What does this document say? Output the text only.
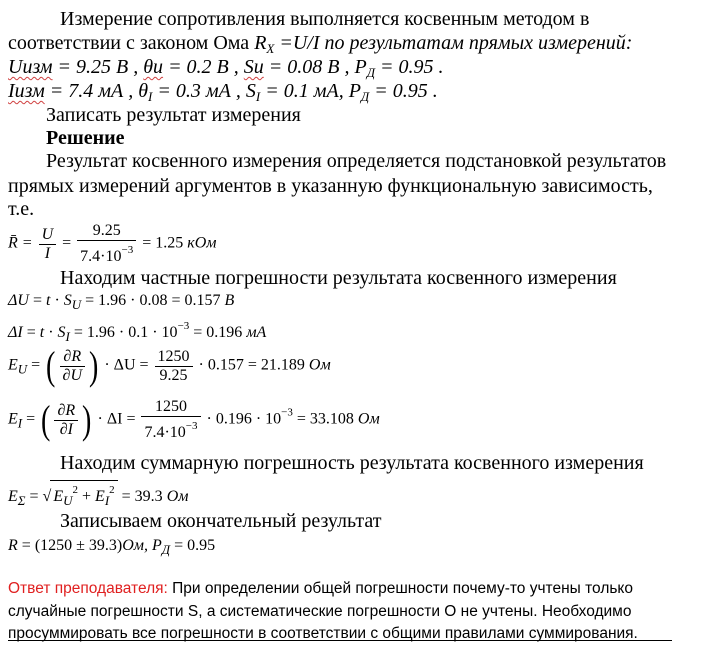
Измерение сопротивления выполняется косвенным методом в
соответствии с законом Ома $R_X =U/I$ по результатам прямых измерений:
Uизм = 9.25 В , θu = 0.2 В , Su = 0.08 В , $Р_Д = 0.95$ .
Iизм = 7.4 мА , $\theta_I = 0.3$ мА , $S_I = 0.1$ мА, $Р_Д = 0.95$ .
Записать результат измерения
Решение
Результат косвенного измерения определяется подстановкой результатов
прямых измерений аргументов в указанную функциональную зависимость,
т.е.
R̄ = $\frac{U}{I} = \frac{9.25}{7.4\cdot 10^{-3}} = 1.25$ кОм
Находим частные погрешности результата косвенного измерения
$\Delta U = t \cdot S_U = 1.96 \cdot 0.08 = 0.157$ В
$\Delta I = t \cdot S_I = 1.96 \cdot 0.1 \cdot 10^{-3} = 0.196$ мА
$E_U$ = ( $\frac{\partial R}{\partial U}$ ) · $\Delta U = \frac{1250}{9.25} \cdot 0.157 = 21.189$ Ом
$E_I$ = ( $\frac{\partial R}{\partial I}$ ) · $\Delta I = \frac{1250}{7.4\cdot 10^{-3}} \cdot 0.196 \cdot 10^{-3} = 33.108$ Ом
Находим суммарную погрешность результата косвенного измерения
$E_\Sigma$ = √ $E_U^2 + E_I^2 = 39.3$ Ом
Записываем окончательный результат
R = (1250 ± 39.3)Ом, $Р_Д = 0.95$
Ответ преподавателя: При определении общей погрешности почему-то учтены только
случайные погрешности S, а систематические погрешности О не учтены. Необходимо
просуммировать все погрешности в соответствии с общими правилами суммирования.
